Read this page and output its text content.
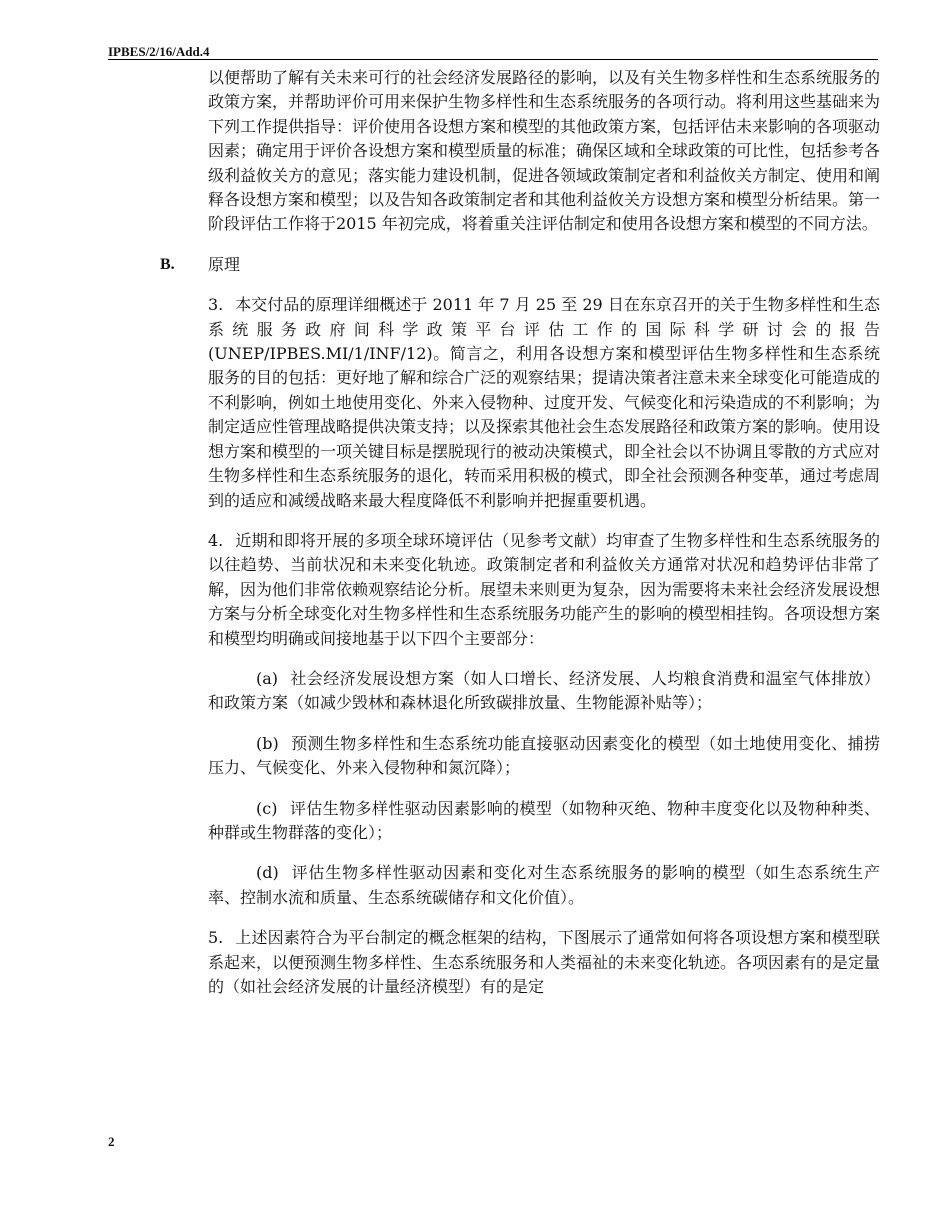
IPBES/2/16/Add.4

以便帮助了解有关未来可行的社会经济发展路径的影响，以及有关生物多样性和生态系统服务的政策方案，并帮助评价可用来保护生物多样性和生态系统服务的各项行动。将利用这些基础来为下列工作提供指导：评价使用各设想方案和模型的其他政策方案，包括评估未来影响的各项驱动因素；确定用于评价各设想方案和模型质量的标准；确保区域和全球政策的可比性，包括参考各级利益攸关方的意见；落实能力建设机制，促进各领域政策制定者和利益攸关方制定、使用和阐释各设想方案和模型；以及告知各政策制定者和其他利益攸关方设想方案和模型分析结果。第一阶段评估工作将于2015 年初完成，将着重关注评估制定和使用各设想方案和模型的不同方法。

B. 原理

3. 本交付品的原理详细概述于 2011 年 7 月 25 至 29 日在东京召开的关于生物多样性和生态系统服务政府间科学政策平台评估工作的国际科学研讨会的报告(UNEP/IPBES.MI/1/INF/12)。简言之，利用各设想方案和模型评估生物多样性和生态系统服务的目的包括：更好地了解和综合广泛的观察结果；提请决策者注意未来全球变化可能造成的不利影响，例如土地使用变化、外来入侵物种、过度开发、气候变化和污染造成的不利影响；为制定适应性管理战略提供决策支持；以及探索其他社会生态发展路径和政策方案的影响。使用设想方案和模型的一项关键目标是摆脱现行的被动决策模式，即全社会以不协调且零散的方式应对生物多样性和生态系统服务的退化，转而采用积极的模式，即全社会预测各种变革，通过考虑周到的适应和减缓战略来最大程度降低不利影响并把握重要机遇。

4. 近期和即将开展的多项全球环境评估（见参考文献）均审查了生物多样性和生态系统服务的以往趋势、当前状况和未来变化轨迹。政策制定者和利益攸关方通常对状况和趋势评估非常了解，因为他们非常依赖观察结论分析。展望未来则更为复杂，因为需要将未来社会经济发展设想方案与分析全球变化对生物多样性和生态系统服务功能产生的影响的模型相挂钩。各项设想方案和模型均明确或间接地基于以下四个主要部分：

(a) 社会经济发展设想方案（如人口增长、经济发展、人均粮食消费和温室气体排放）和政策方案（如减少毁林和森林退化所致碳排放量、生物能源补贴等）；

(b) 预测生物多样性和生态系统功能直接驱动因素变化的模型（如土地使用变化、捕捞压力、气候变化、外来入侵物种和氮沉降）；

(c) 评估生物多样性驱动因素影响的模型（如物种灭绝、物种丰度变化以及物种种类、种群或生物群落的变化）；

(d) 评估生物多样性驱动因素和变化对生态系统服务的影响的模型（如生态系统生产率、控制水流和质量、生态系统碳储存和文化价值）。

5. 上述因素符合为平台制定的概念框架的结构，下图展示了通常如何将各项设想方案和模型联系起来，以便预测生物多样性、生态系统服务和人类福祉的未来变化轨迹。各项因素有的是定量的（如社会经济发展的计量经济模型）有的是定

2
